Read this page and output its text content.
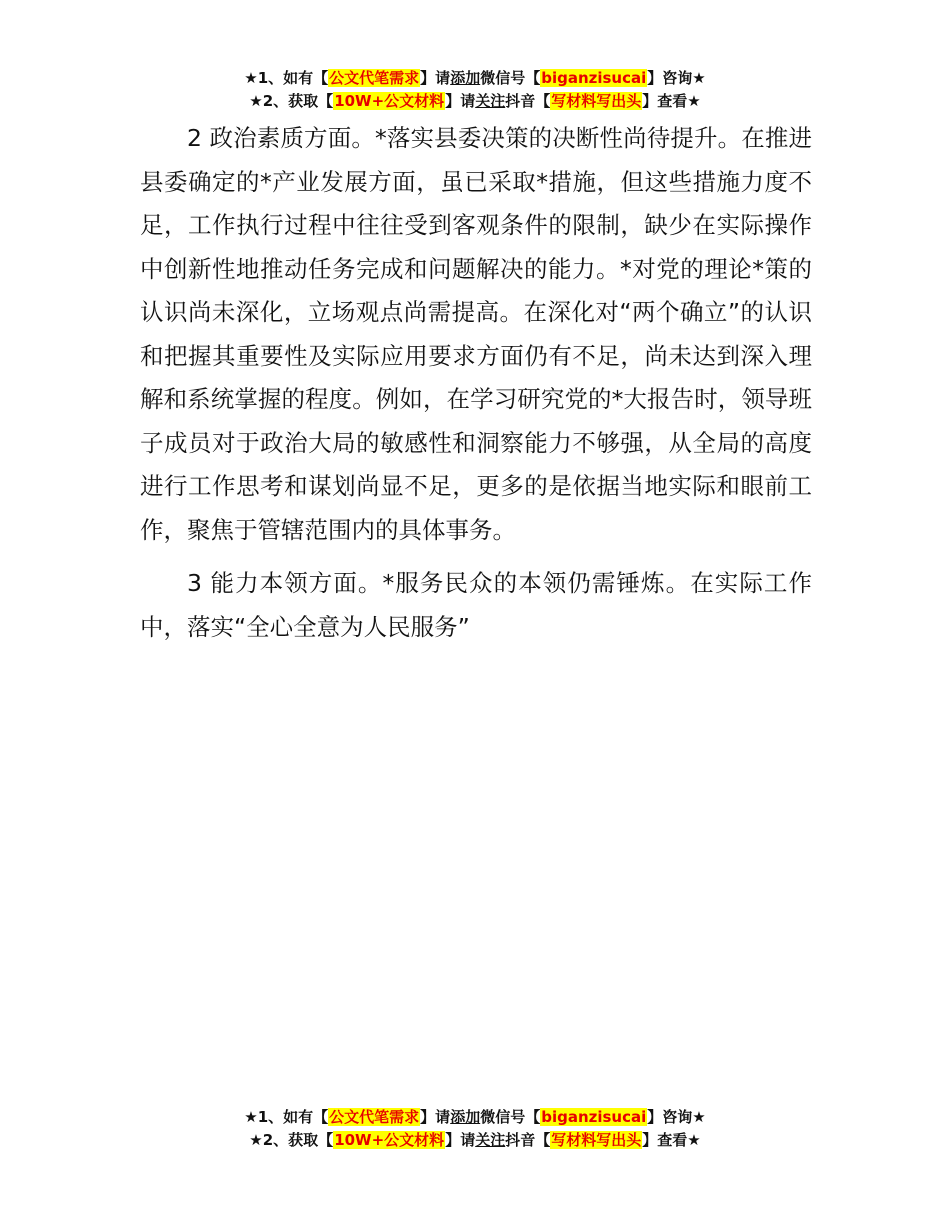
★1、如有【公文代笔需求】请添加微信号【biganzisucai】咨询★
★2、获取【10W+公文材料】请关注抖音【写材料写出头】查看★

2 政治素质方面。*落实县委决策的决断性尚待提升。在推进县委确定的*产业发展方面，虽已采取*措施，但这些措施力度不足，工作执行过程中往往受到客观条件的限制，缺少在实际操作中创新性地推动任务完成和问题解决的能力。*对党的理论*策的认识尚未深化，立场观点尚需提高。在深化对“两个确立”的认识和把握其重要性及实际应用要求方面仍有不足，尚未达到深入理解和系统掌握的程度。例如，在学习研究党的*大报告时，领导班子成员对于政治大局的敏感性和洞察能力不够强，从全局的高度进行工作思考和谋划尚显不足，更多的是依据当地实际和眼前工作，聚焦于管辖范围内的具体事务。

3 能力本领方面。*服务民众的本领仍需锤炼。在实际工作中，落实“全心全意为人民服务”

★1、如有【公文代笔需求】请添加微信号【biganzisucai】咨询★
★2、获取【10W+公文材料】请关注抖音【写材料写出头】查看★
